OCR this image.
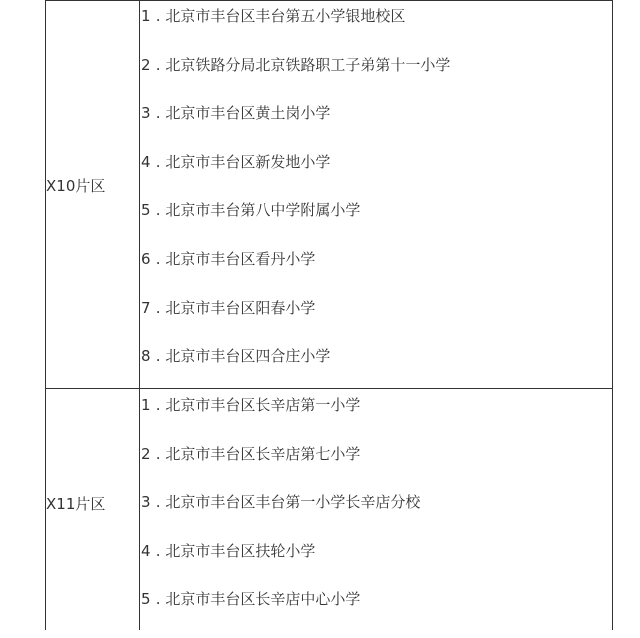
X10片区
1 . 北京市丰台区丰台第五小学银地校区
2 . 北京铁路分局北京铁路职工子弟第十一小学
3 . 北京市丰台区黄土岗小学
4 . 北京市丰台区新发地小学
5 . 北京市丰台第八中学附属小学
6 . 北京市丰台区看丹小学
7 . 北京市丰台区阳春小学
8 . 北京市丰台区四合庄小学
X11片区
1 . 北京市丰台区长辛店第一小学
2 . 北京市丰台区长辛店第七小学
3 . 北京市丰台区丰台第一小学长辛店分校
4 . 北京市丰台区扶轮小学
5 . 北京市丰台区长辛店中心小学
